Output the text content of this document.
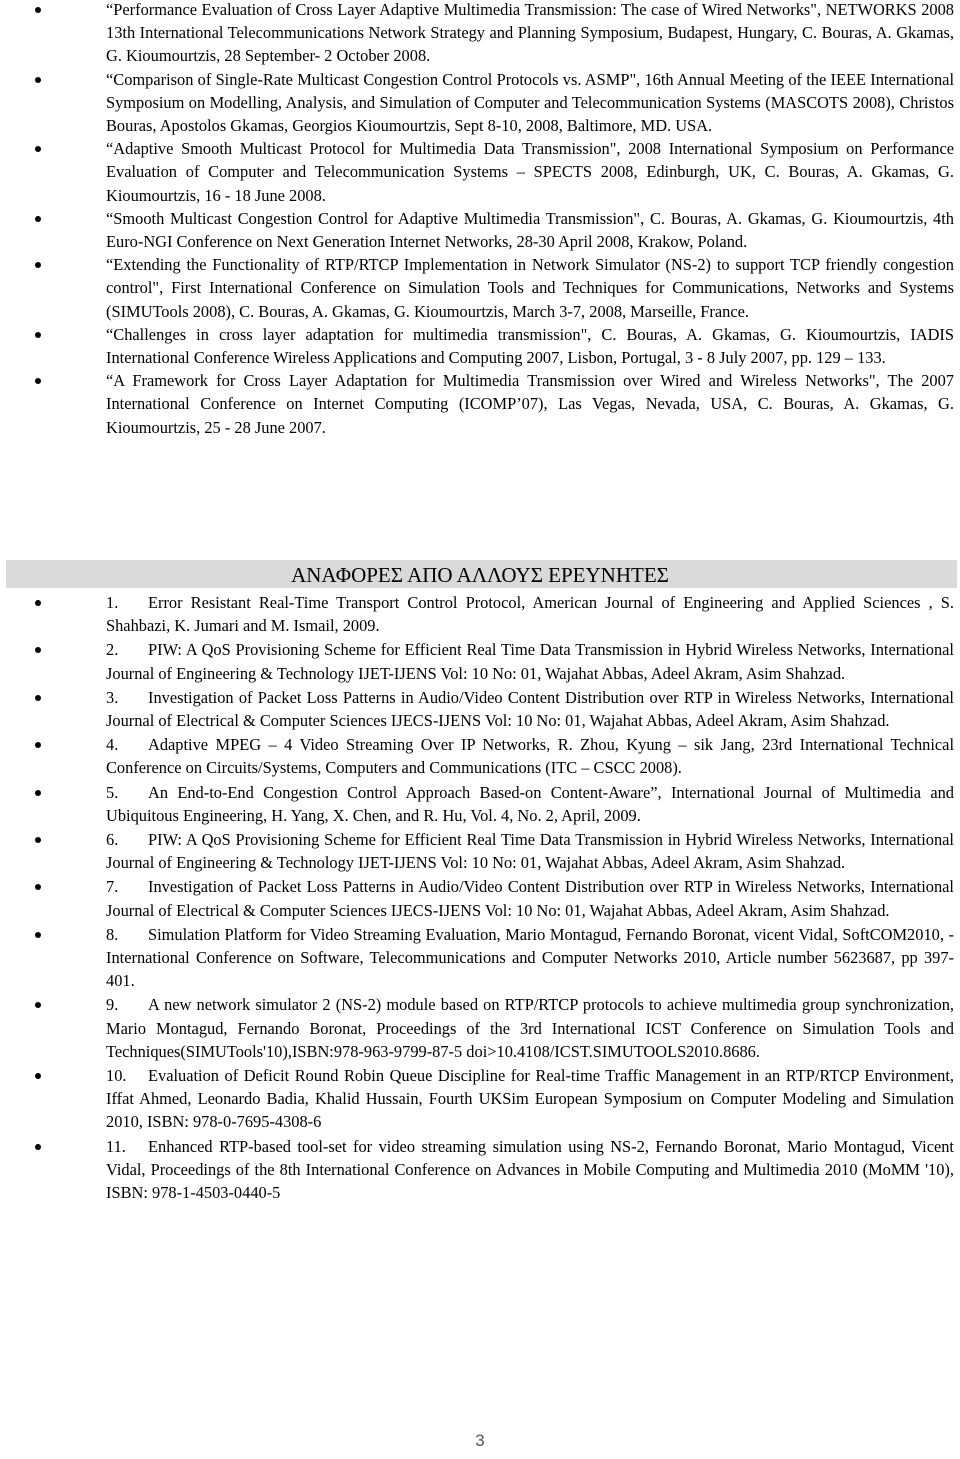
“Performance Evaluation of Cross Layer Adaptive Multimedia Transmission: The case of Wired Networks", NETWORKS 2008 13th International Telecommunications Network Strategy and Planning Symposium, Budapest, Hungary, C. Bouras, A. Gkamas, G. Kioumourtzis, 28 September- 2 October 2008.
“Comparison of Single-Rate Multicast Congestion Control Protocols vs. ASMP", 16th Annual Meeting of the IEEE International Symposium on Modelling, Analysis, and Simulation of Computer and Telecommunication Systems (MASCOTS 2008), Christos Bouras, Apostolos Gkamas, Georgios Kioumourtzis, Sept 8-10, 2008, Baltimore, MD. USA.
“Adaptive Smooth Multicast Protocol for Multimedia Data Transmission", 2008 International Symposium on Performance Evaluation of Computer and Telecommunication Systems – SPECTS 2008, Edinburgh, UK, C. Bouras, A. Gkamas, G. Kioumourtzis, 16 - 18 June 2008.
“Smooth Multicast Congestion Control for Adaptive Multimedia Transmission", C. Bouras, A. Gkamas, G. Kioumourtzis, 4th Euro-NGI Conference on Next Generation Internet Networks, 28-30 April 2008, Krakow, Poland.
“Extending the Functionality of RTP/RTCP Implementation in Network Simulator (NS-2) to support TCP friendly congestion control", First International Conference on Simulation Tools and Techniques for Communications, Networks and Systems (SIMUTools 2008), C. Bouras, A. Gkamas, G. Kioumourtzis, March 3-7, 2008, Marseille, France.
“Challenges in cross layer adaptation for multimedia transmission", C. Bouras, A. Gkamas, G. Kioumourtzis, IADIS International Conference Wireless Applications and Computing 2007, Lisbon, Portugal, 3 - 8 July 2007, pp. 129 – 133.
“A Framework for Cross Layer Adaptation for Multimedia Transmission over Wired and Wireless Networks", The 2007 International Conference on Internet Computing (ICOMP’07), Las Vegas, Nevada, USA, C. Bouras, A. Gkamas, G. Kioumourtzis, 25 - 28 June 2007.
ΑΝΑΦΟΡΕΣ ΑΠΟ ΑΛΛΟΥΣ ΕΡΕΥΝΗΤΕΣ
1. Error Resistant Real-Time Transport Control Protocol, American Journal of Engineering and Applied Sciences , S. Shahbazi, K. Jumari and M. Ismail, 2009.
2. PIW: A QoS Provisioning Scheme for Efficient Real Time Data Transmission in Hybrid Wireless Networks, International Journal of Engineering & Technology IJET-IJENS Vol: 10 No: 01, Wajahat Abbas, Adeel Akram, Asim Shahzad.
3. Investigation of Packet Loss Patterns in Audio/Video Content Distribution over RTP in Wireless Networks, International Journal of Electrical & Computer Sciences IJECS-IJENS Vol: 10 No: 01, Wajahat Abbas, Adeel Akram, Asim Shahzad.
4. Adaptive MPEG – 4 Video Streaming Over IP Networks, R. Zhou, Kyung – sik Jang, 23rd International Technical Conference on Circuits/Systems, Computers and Communications (ITC – CSCC 2008).
5. An End-to-End Congestion Control Approach Based-on Content-Aware”, International Journal of Multimedia and Ubiquitous Engineering, H. Yang, X. Chen, and R. Hu, Vol. 4, No. 2, April, 2009.
6. PIW: A QoS Provisioning Scheme for Efficient Real Time Data Transmission in Hybrid Wireless Networks, International Journal of Engineering & Technology IJET-IJENS Vol: 10 No: 01, Wajahat Abbas, Adeel Akram, Asim Shahzad.
7. Investigation of Packet Loss Patterns in Audio/Video Content Distribution over RTP in Wireless Networks, International Journal of Electrical & Computer Sciences IJECS-IJENS Vol: 10 No: 01, Wajahat Abbas, Adeel Akram, Asim Shahzad.
8. Simulation Platform for Video Streaming Evaluation, Mario Montagud, Fernando Boronat, vicent Vidal, SoftCOM2010, - International Conference on Software, Telecommunications and Computer Networks 2010, Article number 5623687, pp 397-401.
9. A new network simulator 2 (NS-2) module based on RTP/RTCP protocols to achieve multimedia group synchronization, Mario Montagud, Fernando Boronat, Proceedings of the 3rd International ICST Conference on Simulation Tools and Techniques(SIMUTools'10),ISBN:978-963-9799-87-5 doi>10.4108/ICST.SIMUTOOLS2010.8686.
10. Evaluation of Deficit Round Robin Queue Discipline for Real-time Traffic Management in an RTP/RTCP Environment, Iffat Ahmed, Leonardo Badia, Khalid Hussain, Fourth UKSim European Symposium on Computer Modeling and Simulation 2010, ISBN: 978-0-7695-4308-6
11. Enhanced RTP-based tool-set for video streaming simulation using NS-2, Fernando Boronat, Mario Montagud, Vicent Vidal, Proceedings of the 8th International Conference on Advances in Mobile Computing and Multimedia 2010 (MoMM '10), ISBN: 978-1-4503-0440-5
3
